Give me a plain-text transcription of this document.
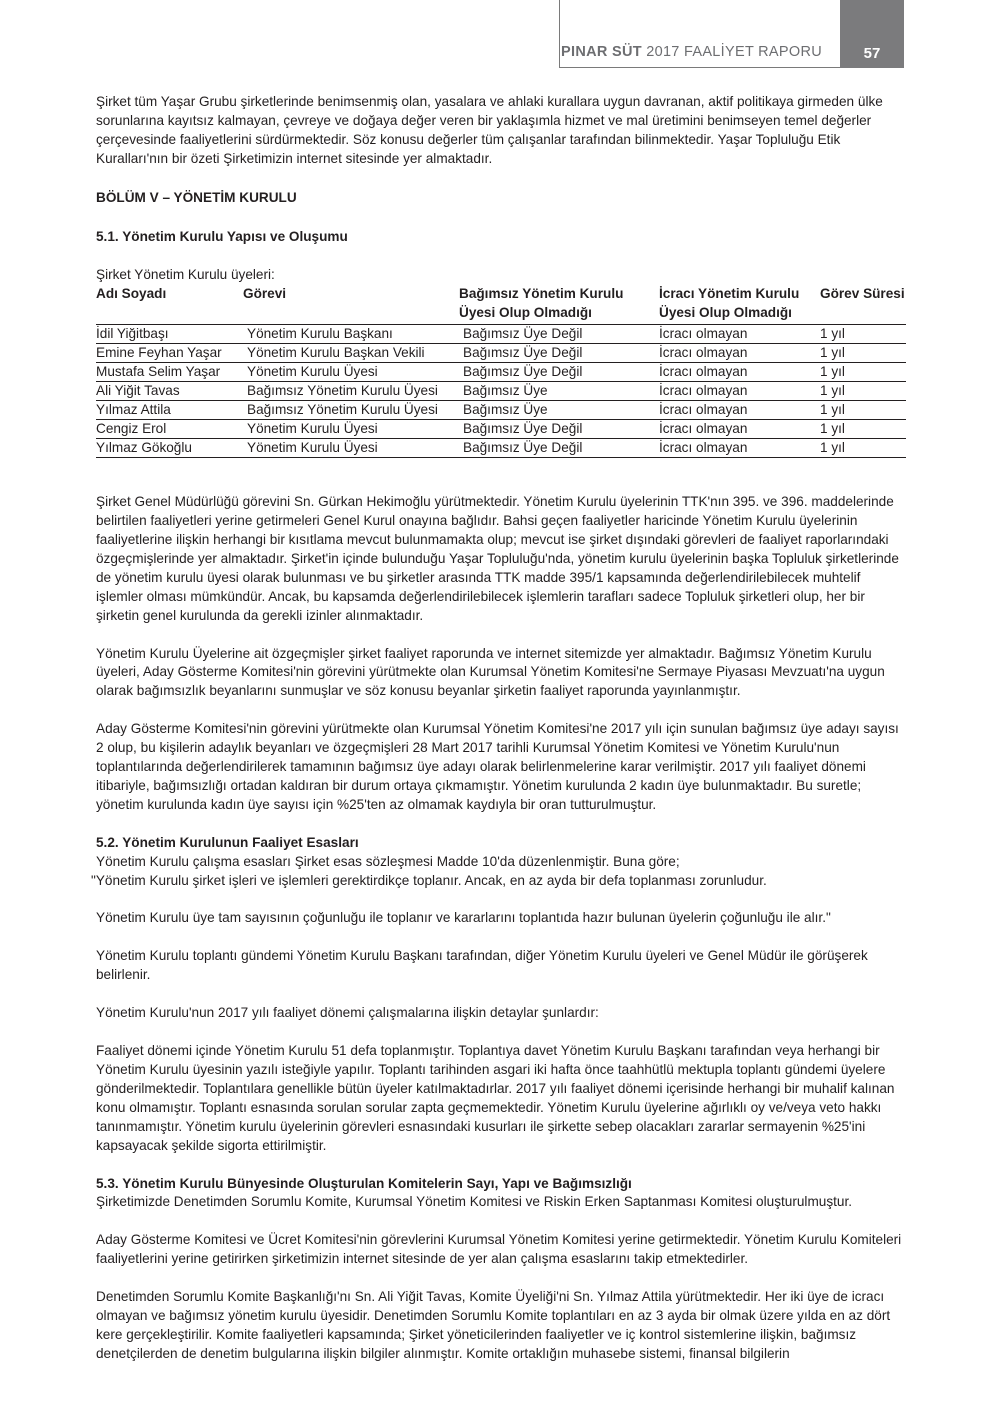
PINAR SÜT 2017 FAALİYET RAPORU	57

Şirket tüm Yaşar Grubu şirketlerinde benimsenmiş olan, yasalara ve ahlaki kurallara uygun davranan, aktif politikaya girmeden ülke sorunlarına kayıtsız kalmayan, çevreye ve doğaya değer veren bir yaklaşımla hizmet ve mal üretimini benimseyen temel değerler çerçevesinde faaliyetlerini sürdürmektedir. Söz konusu değerler tüm çalışanlar tarafından bilinmektedir. Yaşar Topluluğu Etik Kuralları'nın bir özeti Şirketimizin internet sitesinde yer almaktadır.

BÖLÜM V – YÖNETİM KURULU

5.1. Yönetim Kurulu Yapısı ve Oluşumu

Şirket Yönetim Kurulu üyeleri:

Adı Soyadı	Görevi	Bağımsız Yönetim Kurulu Üyesi Olup Olmadığı	İcracı Yönetim Kurulu Üyesi Olup Olmadığı	Görev Süresi
İdil Yiğitbaşı	Yönetim Kurulu Başkanı	Bağımsız Üye Değil	İcracı olmayan	1 yıl
Emine Feyhan Yaşar	Yönetim Kurulu Başkan Vekili	Bağımsız Üye Değil	İcracı olmayan	1 yıl
Mustafa Selim Yaşar	Yönetim Kurulu Üyesi	Bağımsız Üye Değil	İcracı olmayan	1 yıl
Ali Yiğit Tavas	Bağımsız Yönetim Kurulu Üyesi	Bağımsız Üye	İcracı olmayan	1 yıl
Yılmaz Attila	Bağımsız Yönetim Kurulu Üyesi	Bağımsız Üye	İcracı olmayan	1 yıl
Cengiz Erol	Yönetim Kurulu Üyesi	Bağımsız Üye Değil	İcracı olmayan	1 yıl
Yılmaz Gökoğlu	Yönetim Kurulu Üyesi	Bağımsız Üye Değil	İcracı olmayan	1 yıl

Şirket Genel Müdürlüğü görevini Sn. Gürkan Hekimoğlu yürütmektedir. Yönetim Kurulu üyelerinin TTK'nın 395. ve 396. maddelerinde belirtilen faaliyetleri yerine getirmeleri Genel Kurul onayına bağlıdır. Bahsi geçen faaliyetler haricinde Yönetim Kurulu üyelerinin faaliyetlerine ilişkin herhangi bir kısıtlama mevcut bulunmamakta olup; mevcut ise şirket dışındaki görevleri de faaliyet raporlarındaki özgeçmişlerinde yer almaktadır. Şirket'in içinde bulunduğu Yaşar Topluluğu'nda, yönetim kurulu üyelerinin başka Topluluk şirketlerinde de yönetim kurulu üyesi olarak bulunması ve bu şirketler arasında TTK madde 395/1 kapsamında değerlendirilebilecek muhtelif işlemler olması mümkündür. Ancak, bu kapsamda değerlendirilebilecek işlemlerin tarafları sadece Topluluk şirketleri olup, her bir şirketin genel kurulunda da gerekli izinler alınmaktadır.

Yönetim Kurulu Üyelerine ait özgeçmişler şirket faaliyet raporunda ve internet sitemizde yer almaktadır. Bağımsız Yönetim Kurulu üyeleri, Aday Gösterme Komitesi'nin görevini yürütmekte olan Kurumsal Yönetim Komitesi'ne Sermaye Piyasası Mevzuatı'na uygun olarak bağımsızlık beyanlarını sunmuşlar ve söz konusu beyanlar şirketin faaliyet raporunda yayınlanmıştır.

Aday Gösterme Komitesi'nin görevini yürütmekte olan Kurumsal Yönetim Komitesi'ne 2017 yılı için sunulan bağımsız üye adayı sayısı 2 olup, bu kişilerin adaylık beyanları ve özgeçmişleri 28 Mart 2017 tarihli Kurumsal Yönetim Komitesi ve Yönetim Kurulu'nun toplantılarında değerlendirilerek tamamının bağımsız üye adayı olarak belirlenmelerine karar verilmiştir. 2017 yılı faaliyet dönemi itibariyle, bağımsızlığı ortadan kaldıran bir durum ortaya çıkmamıştır. Yönetim kurulunda 2 kadın üye bulunmaktadır. Bu suretle; yönetim kurulunda kadın üye sayısı için %25'ten az olmamak kaydıyla bir oran tutturulmuştur.

5.2. Yönetim Kurulunun Faaliyet Esasları

Yönetim Kurulu çalışma esasları Şirket esas sözleşmesi Madde 10'da düzenlenmiştir. Buna göre;

"Yönetim Kurulu şirket işleri ve işlemleri gerektirdikçe toplanır. Ancak, en az ayda bir defa toplanması zorunludur.

Yönetim Kurulu üye tam sayısının çoğunluğu ile toplanır ve kararlarını toplantıda hazır bulunan üyelerin çoğunluğu ile alır."

Yönetim Kurulu toplantı gündemi Yönetim Kurulu Başkanı tarafından, diğer Yönetim Kurulu üyeleri ve Genel Müdür ile görüşerek belirlenir.

Yönetim Kurulu'nun 2017 yılı faaliyet dönemi çalışmalarına ilişkin detaylar şunlardır:

Faaliyet dönemi içinde Yönetim Kurulu 51 defa toplanmıştır. Toplantıya davet Yönetim Kurulu Başkanı tarafından veya herhangi bir Yönetim Kurulu üyesinin yazılı isteğiyle yapılır. Toplantı tarihinden asgari iki hafta önce taahhütlü mektupla toplantı gündemi üyelere gönderilmektedir. Toplantılara genellikle bütün üyeler katılmaktadırlar. 2017 yılı faaliyet dönemi içerisinde herhangi bir muhalif kalınan konu olmamıştır. Toplantı esnasında sorulan sorular zapta geçmemektedir. Yönetim Kurulu üyelerine ağırlıklı oy ve/veya veto hakkı tanınmamıştır. Yönetim kurulu üyelerinin görevleri esnasındaki kusurları ile şirkette sebep olacakları zararlar sermayenin %25'ini kapsayacak şekilde sigorta ettirilmiştir.

5.3. Yönetim Kurulu Bünyesinde Oluşturulan Komitelerin Sayı, Yapı ve Bağımsızlığı

Şirketimizde Denetimden Sorumlu Komite, Kurumsal Yönetim Komitesi ve Riskin Erken Saptanması Komitesi oluşturulmuştur.

Aday Gösterme Komitesi ve Ücret Komitesi'nin görevlerini Kurumsal Yönetim Komitesi yerine getirmektedir. Yönetim Kurulu Komiteleri faaliyetlerini yerine getirirken şirketimizin internet sitesinde de yer alan çalışma esaslarını takip etmektedirler.

Denetimden Sorumlu Komite Başkanlığı'nı Sn. Ali Yiğit Tavas, Komite Üyeliği'ni Sn. Yılmaz Attila yürütmektedir. Her iki üye de icracı olmayan ve bağımsız yönetim kurulu üyesidir. Denetimden Sorumlu Komite toplantıları en az 3 ayda bir olmak üzere yılda en az dört kere gerçekleştirilir. Komite faaliyetleri kapsamında; Şirket yöneticilerinden faaliyetler ve iç kontrol sistemlerine ilişkin, bağımsız denetçilerden de denetim bulgularına ilişkin bilgiler alınmıştır. Komite ortaklığın muhasebe sistemi, finansal bilgilerin
